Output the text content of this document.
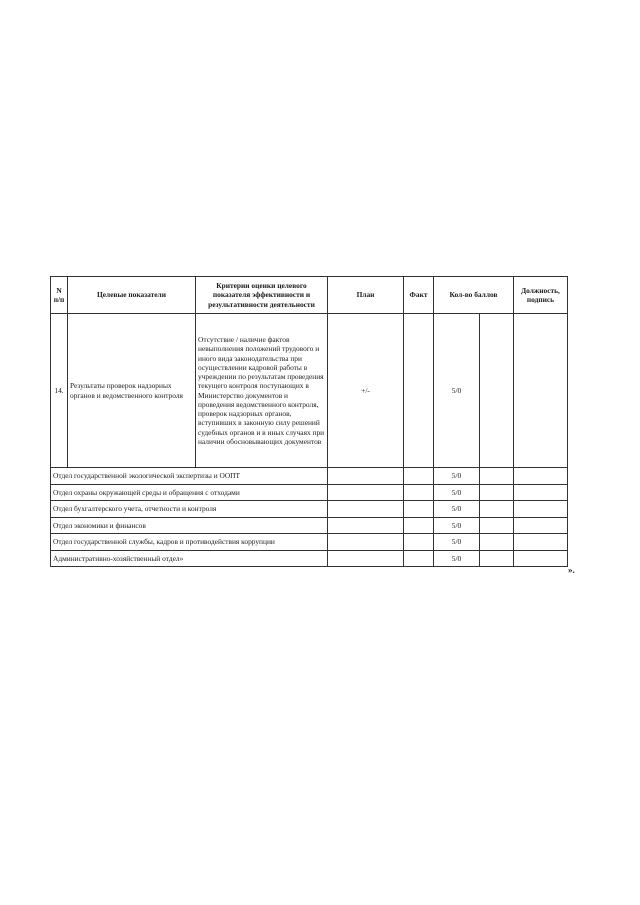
N п/п	Целевые показатели	Критерии оценки целевого показателя эффективности и результативности деятельности	План	Факт	Кол-во баллов		Должность, подпись
14.	Результаты проверок надзорных органов и ведомственного контроля	Отсутствие / наличие фактов невыполнения положений трудового и иного вида законодательства при осуществлении кадровой работы в учреждении по результатам проведения текущего контроля поступающих в Министерство документов и проведения ведомственного контроля, проверок надзорных органов, вступивших в законную силу решений судебных органов и в иных случаях при наличии обосновывающих документов	+/-		5/0		
Отдел государственной экологической экспертизы и ООПТ					5/0		
Отдел охраны окружающей среды и обращения с отходами					5/0		
Отдел бухгалтерского учета, отчетности и контроля					5/0		
Отдел экономики и финансов					5/0		
Отдел государственной службы, кадров и противодействия коррупции					5/0		
Административно-хозяйственный отдел»					5/0		
».
